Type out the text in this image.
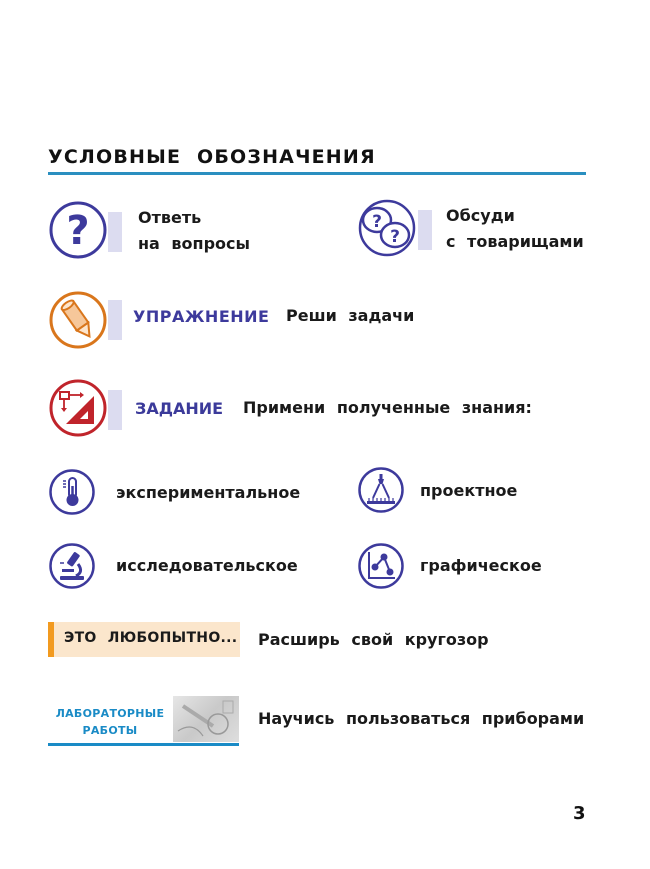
УСЛОВНЫЕ ОБОЗНАЧЕНИЯ
?	Ответь
на вопросы
?
?
Обсуди
с товарищами
УПРАЖНЕНИЕ Реши задачи
ЗАДАНИЕ Примени полученные знания:
экспериментальное	проектное
исследовательское	графическое
ЭТО ЛЮБОПЫТНО... Расширь свой кругозор
ЛАБОРАТОРНЫЕ
РАБОТЫ
Научись пользоваться приборами
3
